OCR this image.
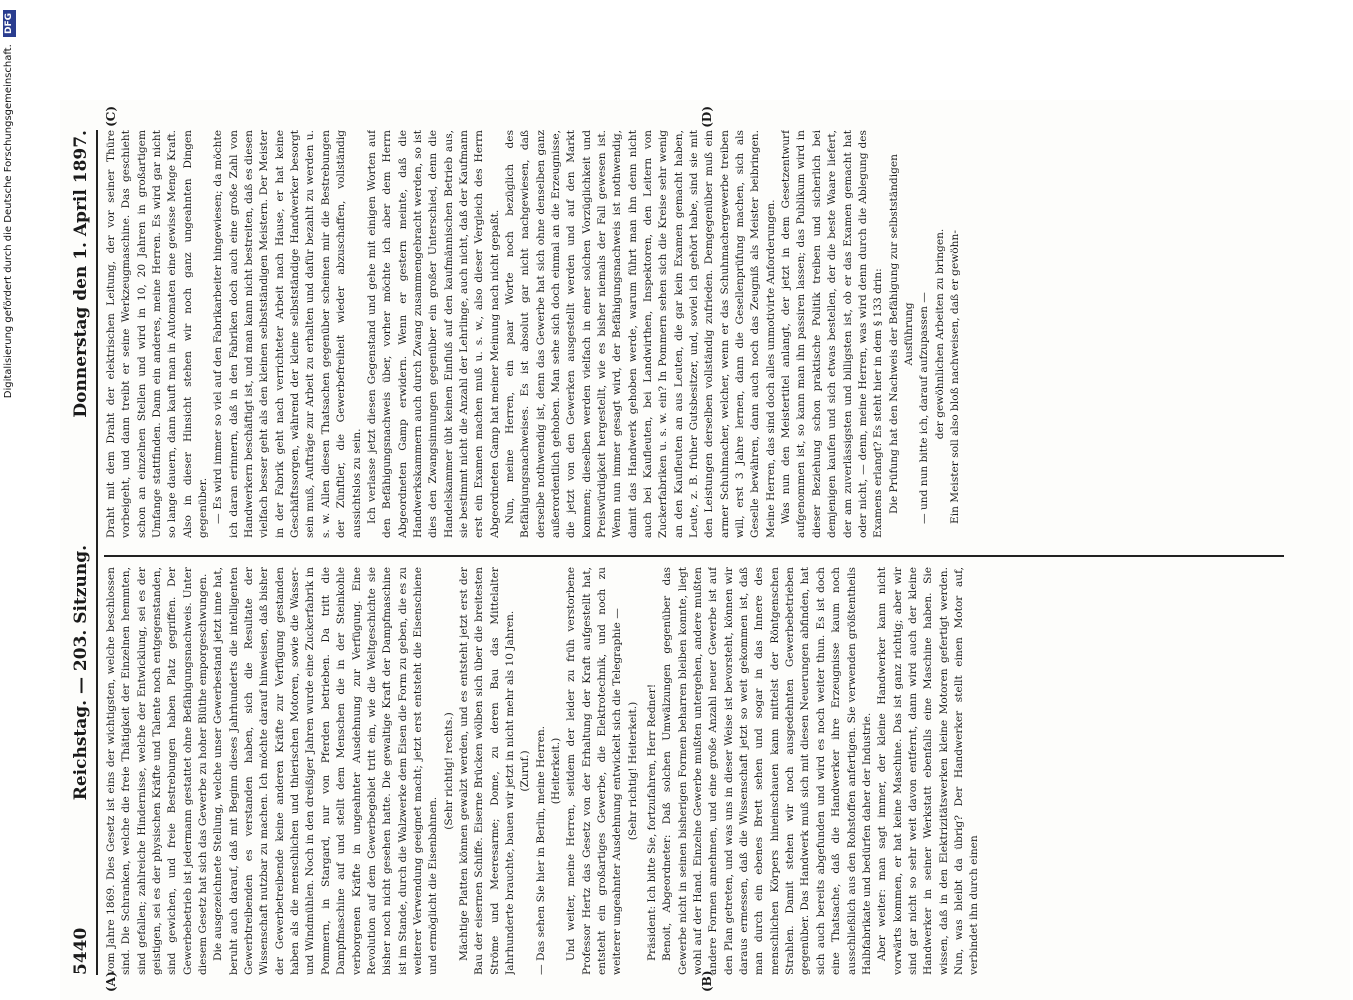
5440
Reichstag. — 203. Sitzung.
Donnerstag den 1. April 1897.
(A)	(B)
(C)	(D)

vom Jahre 1869. Dies Gesetz ist eins der wichtigsten, welche beschlossen sind. Die Schranken, welche die freie Thätigkeit der Einzelnen hemmten, sind gefallen; zahlreiche Hindernisse, welche der Entwicklung, sei es der geistigen, sei es der physischen Kräfte und Talente noch entgegenstanden, sind gewichen, und freie Bestrebungen haben Platz gegriffen. Der Gewerbebetrieb ist jedermann gestattet ohne Befähigungsnachweis. Unter diesem Gesetz hat sich das Gewerbe zu hoher Blüthe emporgeschwungen. Die ausgezeichnete Stellung, welche unser Gewerbestand jetzt inne hat, beruht auch darauf, daß mit Beginn dieses Jahrhunderts die intelligenten Gewerbtreibenden es verstanden haben, sich die Resultate der Wissenschaft nutzbar zu machen. Ich möchte darauf hinweisen, daß bisher der Gewerbetreibende keine anderen Kräfte zur Verfügung gestanden haben als die menschlichen und thierischen Motoren, sowie die Wasser- und Windmühlen. Noch in den dreißiger Jahren wurde eine Zuckerfabrik in Pommern, in Stargard, nur von Pferden betrieben. Da tritt die Dampfmaschine auf und stellt dem Menschen die in der Steinkohle verborgenen Kräfte in ungeahnter Ausdehnung zur Verfügung. Eine Revolution auf dem Gewerbegebiet tritt ein, wie die Weltgeschichte sie bisher noch nicht gesehen hatte. Die gewaltige Kraft der Dampfmaschine ist im Stande, durch die Walzwerke dem Eisen die Form zu geben, die es zu weiterer Verwendung geeignet macht; jetzt erst entsteht die Eisenschiene und ermöglicht die Eisenbahnen.

(Sehr richtig! rechts.) Mächtige Platten können gewalzt werden, und es entsteht jetzt erst der Bau der eisernen Schiffe. Eiserne Brücken wölben sich über die breitesten Ströme und Meeresarme; Dome, zu deren Bau das Mittelalter Jahrhunderte brauchte, bauen wir jetzt in nicht mehr als 10 Jahren. (Zuruf.) — Das sehen Sie hier in Berlin, meine Herren. (Heiterkeit.) Und weiter, meine Herren, seitdem der leider zu früh verstorbene Professor Hertz das Gesetz von der Erhaltung der Kraft aufgestellt hat, entsteht ein großartiges Gewerbe, die Elektrotechnik, und noch zu weiterer ungeahnter Ausdehnung entwickelt sich die Telegraphie — (Sehr richtig! Heiterkeit.) Präsident: Ich bitte Sie, fortzufahren, Herr Redner! Benoit, Abgeordneter: Daß solchen Umwälzungen gegenüber das Gewerbe nicht in seinen bisherigen Formen beharren bleiben konnte, liegt wohl auf der Hand. Einzelne Gewerbe mußten untergehen, andere mußten andere Formen annehmen, und eine große Anzahl neuer Gewerbe ist auf den Plan getreten, und was uns in dieser Weise ist bevorsteht, können wir daraus ermessen, daß die Wissenschaft jetzt so weit gekommen ist, daß man durch ein ebenes Brett sehen und sogar in das Innere des menschlichen Körpers hineinschauen kann mittelst der Röntgenschen Strahlen. Damit stehen wir noch ausgedehnten Gewerbebetrieben gegenüber. Das Handwerk muß sich mit diesen Neuerungen abfinden, hat sich auch bereits abgefunden und wird es noch weiter thun. Es ist doch eine Thatsache, daß die Handwerker ihre Erzeugnisse kaum noch ausschließlich aus den Rohstoffen anfertigen. Sie verwenden größtentheils Halbfabrikate und bedürfen daher der Industrie. Aber weiter: man sagt immer, der kleine Handwerker kann nicht vorwärts kommen, er hat keine Maschine. Das ist ganz richtig; aber wir sind gar nicht so sehr weit davon entfernt, dann wird auch der kleine Handwerker in seiner Werkstatt ebenfalls eine Maschine haben. Sie wissen, daß in den Elektrizitätswerken kleine Motoren gefertigt werden. Nun, was bleibt da übrig? Der Handwerker stellt einen Motor auf, verbindet ihn durch einen

Draht mit dem Draht der elektrischen Leitung, der vor seiner Thüre vorbeigeht, und dann treibt er seine Werkzeugmaschine. Das geschieht schon an einzelnen Stellen und wird in 10, 20 Jahren in großartigem Umfange stattfinden. Dann ein anderes, meine Herren. Es wird gar nicht so lange dauern, dann kauft man in Automaten eine gewisse Menge Kraft. Also in dieser Hinsicht stehen wir noch ganz ungeahnten Dingen gegenüber. — Es wird immer so viel auf den Fabrikarbeiter hingewiesen; da möchte ich daran erinnern, daß in den Fabriken doch auch eine große Zahl von Handwerkern beschäftigt ist, und man kann nicht bestreiten, daß es diesen vielfach besser geht als den kleinen selbstständigen Meistern. Der Meister in der Fabrik geht nach verrichteter Arbeit nach Hause, er hat keine Geschäftssorgen, während der kleine selbstständige Handwerker besorgt sein muß, Aufträge zur Arbeit zu erhalten und dafür bezahlt zu werden u. s. w. Allen diesen Thatsachen gegenüber scheinen mir die Bestrebungen der Zünftler, die Gewerbefreiheit wieder abzuschaffen, vollständig aussichtslos zu sein. Ich verlasse jetzt diesen Gegenstand und gehe mit einigen Worten auf den Befähigungsnachweis über, vorher möchte ich aber dem Herrn Abgeordneten Gamp erwidern. Wenn er gestern meinte, daß die Handwerkskammern auch durch Zwang zusammengebracht werden, so ist dies den Zwangsinnungen gegenüber ein großer Unterschied, denn die Handelskammer übt keinen Einfluß auf den kaufmännischen Betrieb aus, sie bestimmt nicht die Anzahl der Lehrlinge, auch nicht, daß der Kaufmann erst ein Examen machen muß u. s. w., also dieser Vergleich des Herrn Abgeordneten Gamp hat meiner Meinung nach nicht gepaßt. Nun, meine Herren, ein paar Worte noch bezüglich des Befähigungsnachweises. Es ist absolut gar nicht nachgewiesen, daß derselbe nothwendig ist, denn das Gewerbe hat sich ohne denselben ganz außerordentlich gehoben. Man sehe sich doch einmal an die Erzeugnisse, die jetzt von den Gewerken ausgestellt werden und auf den Markt kommen; dieselben werden vielfach in einer solchen Vorzüglichkeit und Preiswürdigkeit hergestellt, wie es bisher niemals der Fall gewesen ist. Wenn nun immer gesagt wird, der Befähigungsnachweis ist nothwendig, damit das Handwerk gehoben werde, warum führt man ihn denn nicht auch bei Kaufleuten, bei Landwirthen, Inspektoren, den Leitern von Zuckerfabriken u. s. w. ein? In Pommern sehen sich die Kreise sehr wenig an den Kaufleuten an aus Leuten, die gar kein Examen gemacht haben, Leute, z. B. früher Gutsbesitzer, und, soviel ich gehört habe, sind sie mit den Leistungen derselben vollständig zufrieden. Demgegenüber muß ein armer Schuhmacher, welcher, wenn er das Schuhmachergewerbe treiben will, erst 3 Jahre lernen, dann die Gesellenprüfung machen, sich als Geselle bewähren, dann auch noch das Zeugniß als Meister beibringen. Meine Herren, das sind doch alles unmotivirte Anforderungen. Was nun den Meistertitel anlangt, der jetzt in dem Gesetzentwurf aufgenommen ist, so kann man ihn passiren lassen; das Publikum wird in dieser Beziehung schon praktische Politik treiben und sicherlich bei demjenigen kaufen und sich etwas bestellen, der die beste Waare liefert, der am zuverlässigsten und billigsten ist, ob er das Examen gemacht hat oder nicht, — denn, meine Herren, was wird denn durch die Ablegung des Examens erlangt? Es steht hier in dem § 133 drin: Die Prüfung hat den Nachweis der Befähigung zur selbstständigen Ausführung — und nun bitte ich, darauf aufzupassen — der gewöhnlichen Arbeiten zu bringen. Ein Meister soll also bloß nachweisen, daß er gewöhn-

Digitalisierung gefördert durch die Deutsche Forschungsgemeinschaft. DFG
